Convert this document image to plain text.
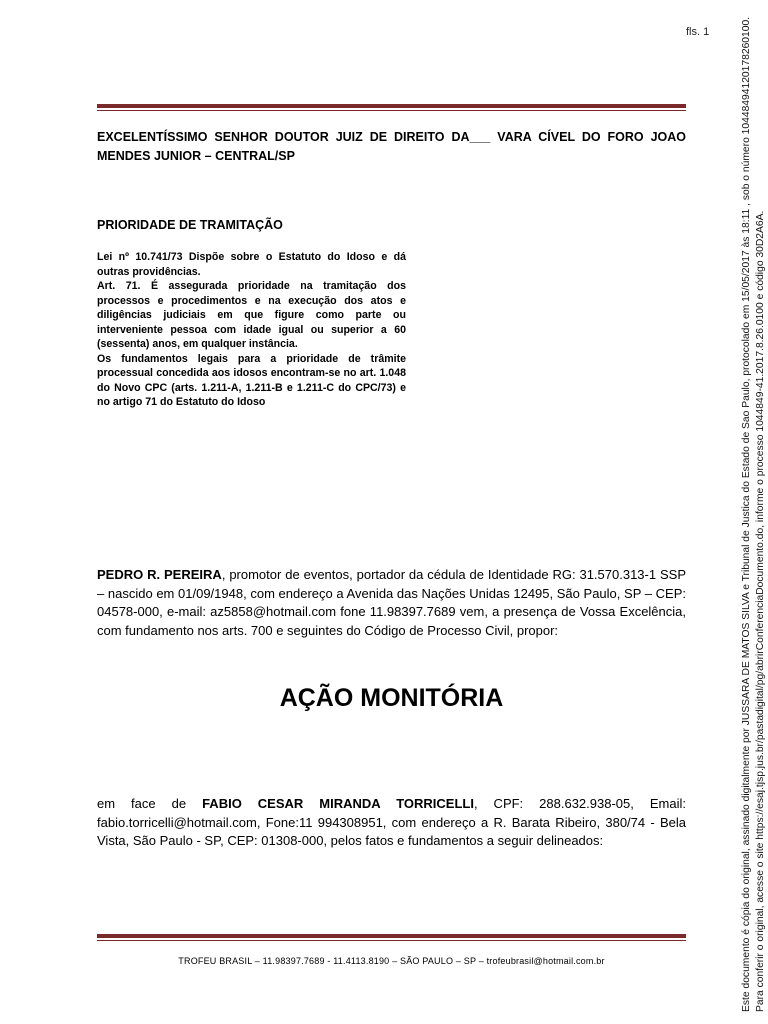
fls. 1
EXCELENTÍSSIMO SENHOR DOUTOR JUIZ DE DIREITO DA___ VARA CÍVEL DO FORO JOAO MENDES JUNIOR – CENTRAL/SP
PRIORIDADE DE TRAMITAÇÃO

Lei nº 10.741/73 Dispõe sobre o Estatuto do Idoso e dá outras providências.

Art. 71. É assegurada prioridade na tramitação dos processos e procedimentos e na execução dos atos e diligências judiciais em que figure como parte ou interveniente pessoa com idade igual ou superior a 60 (sessenta) anos, em qualquer instância.

Os fundamentos legais para a prioridade de trâmite processual concedida aos idosos encontram-se no art. 1.048 do Novo CPC (arts. 1.211-A, 1.211-B e 1.211-C do CPC/73) e no artigo 71 do Estatuto do Idoso

PEDRO R. PEREIRA, promotor de eventos, portador da cédula de Identidade RG: 31.570.313-1 SSP – nascido em 01/09/1948, com endereço a Avenida das Nações Unidas 12495, São Paulo, SP – CEP: 04578-000, e-mail: az5858@hotmail.com fone 11.98397.7689 vem, a presença de Vossa Excelência, com fundamento nos arts. 700 e seguintes do Código de Processo Civil, propor:
AÇÃO MONITÓRIA
em face de FABIO CESAR MIRANDA TORRICELLI, CPF: 288.632.938-05, Email: fabio.torricelli@hotmail.com, Fone:11 994308951, com endereço a R. Barata Ribeiro, 380/74 - Bela Vista, São Paulo - SP, CEP: 01308-000, pelos fatos e fundamentos a seguir delineados:
TROFEU BRASIL – 11.98397.7689 - 11.4113.8190 – SÃO PAULO – SP – trofeubrasil@hotmail.com.br	Este documento é cópia do original, assinado digitalmente por JUSSARA DE MATOS SILVA e Tribunal de Justica do Estado de Sao Paulo, protocolado em 15/05/2017 às 18:11 , sob o número 10448494120178260100. Para conferir o original, acesse o site https://esaj.tjsp.jus.br/pastadigital/pg/abrirConferenciaDocumento.do, informe o processo 1044849-41.2017.8.26.0100 e código 30D2A6A.
